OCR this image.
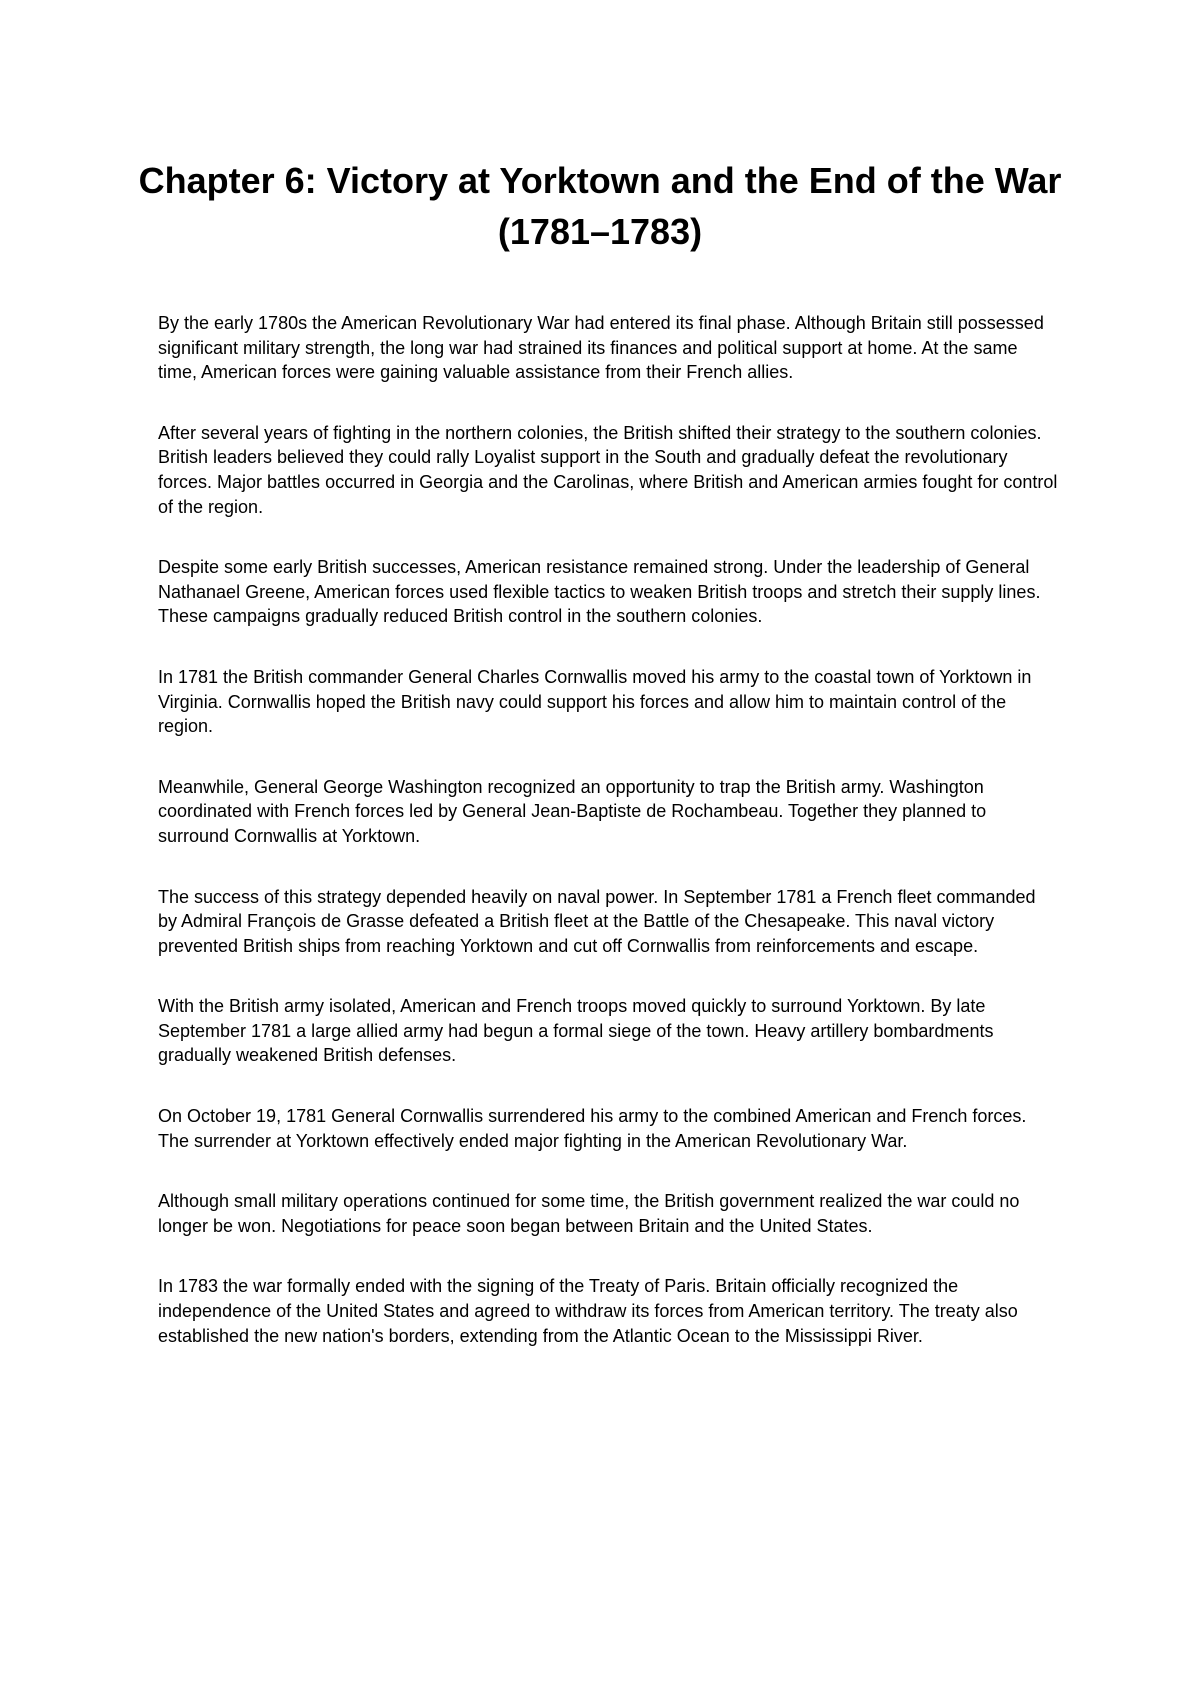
Chapter 6: Victory at Yorktown and the End of the War (1781–1783)

By the early 1780s the American Revolutionary War had entered its final phase. Although Britain still possessed significant military strength, the long war had strained its finances and political support at home. At the same time, American forces were gaining valuable assistance from their French allies.

After several years of fighting in the northern colonies, the British shifted their strategy to the southern colonies. British leaders believed they could rally Loyalist support in the South and gradually defeat the revolutionary forces. Major battles occurred in Georgia and the Carolinas, where British and American armies fought for control of the region.

Despite some early British successes, American resistance remained strong. Under the leadership of General Nathanael Greene, American forces used flexible tactics to weaken British troops and stretch their supply lines. These campaigns gradually reduced British control in the southern colonies.

In 1781 the British commander General Charles Cornwallis moved his army to the coastal town of Yorktown in Virginia. Cornwallis hoped the British navy could support his forces and allow him to maintain control of the region.

Meanwhile, General George Washington recognized an opportunity to trap the British army. Washington coordinated with French forces led by General Jean-Baptiste de Rochambeau. Together they planned to surround Cornwallis at Yorktown.

The success of this strategy depended heavily on naval power. In September 1781 a French fleet commanded by Admiral François de Grasse defeated a British fleet at the Battle of the Chesapeake. This naval victory prevented British ships from reaching Yorktown and cut off Cornwallis from reinforcements and escape.

With the British army isolated, American and French troops moved quickly to surround Yorktown. By late September 1781 a large allied army had begun a formal siege of the town. Heavy artillery bombardments gradually weakened British defenses.

On October 19, 1781 General Cornwallis surrendered his army to the combined American and French forces. The surrender at Yorktown effectively ended major fighting in the American Revolutionary War.

Although small military operations continued for some time, the British government realized the war could no longer be won. Negotiations for peace soon began between Britain and the United States.

In 1783 the war formally ended with the signing of the Treaty of Paris. Britain officially recognized the independence of the United States and agreed to withdraw its forces from American territory. The treaty also established the new nation's borders, extending from the Atlantic Ocean to the Mississippi River.
